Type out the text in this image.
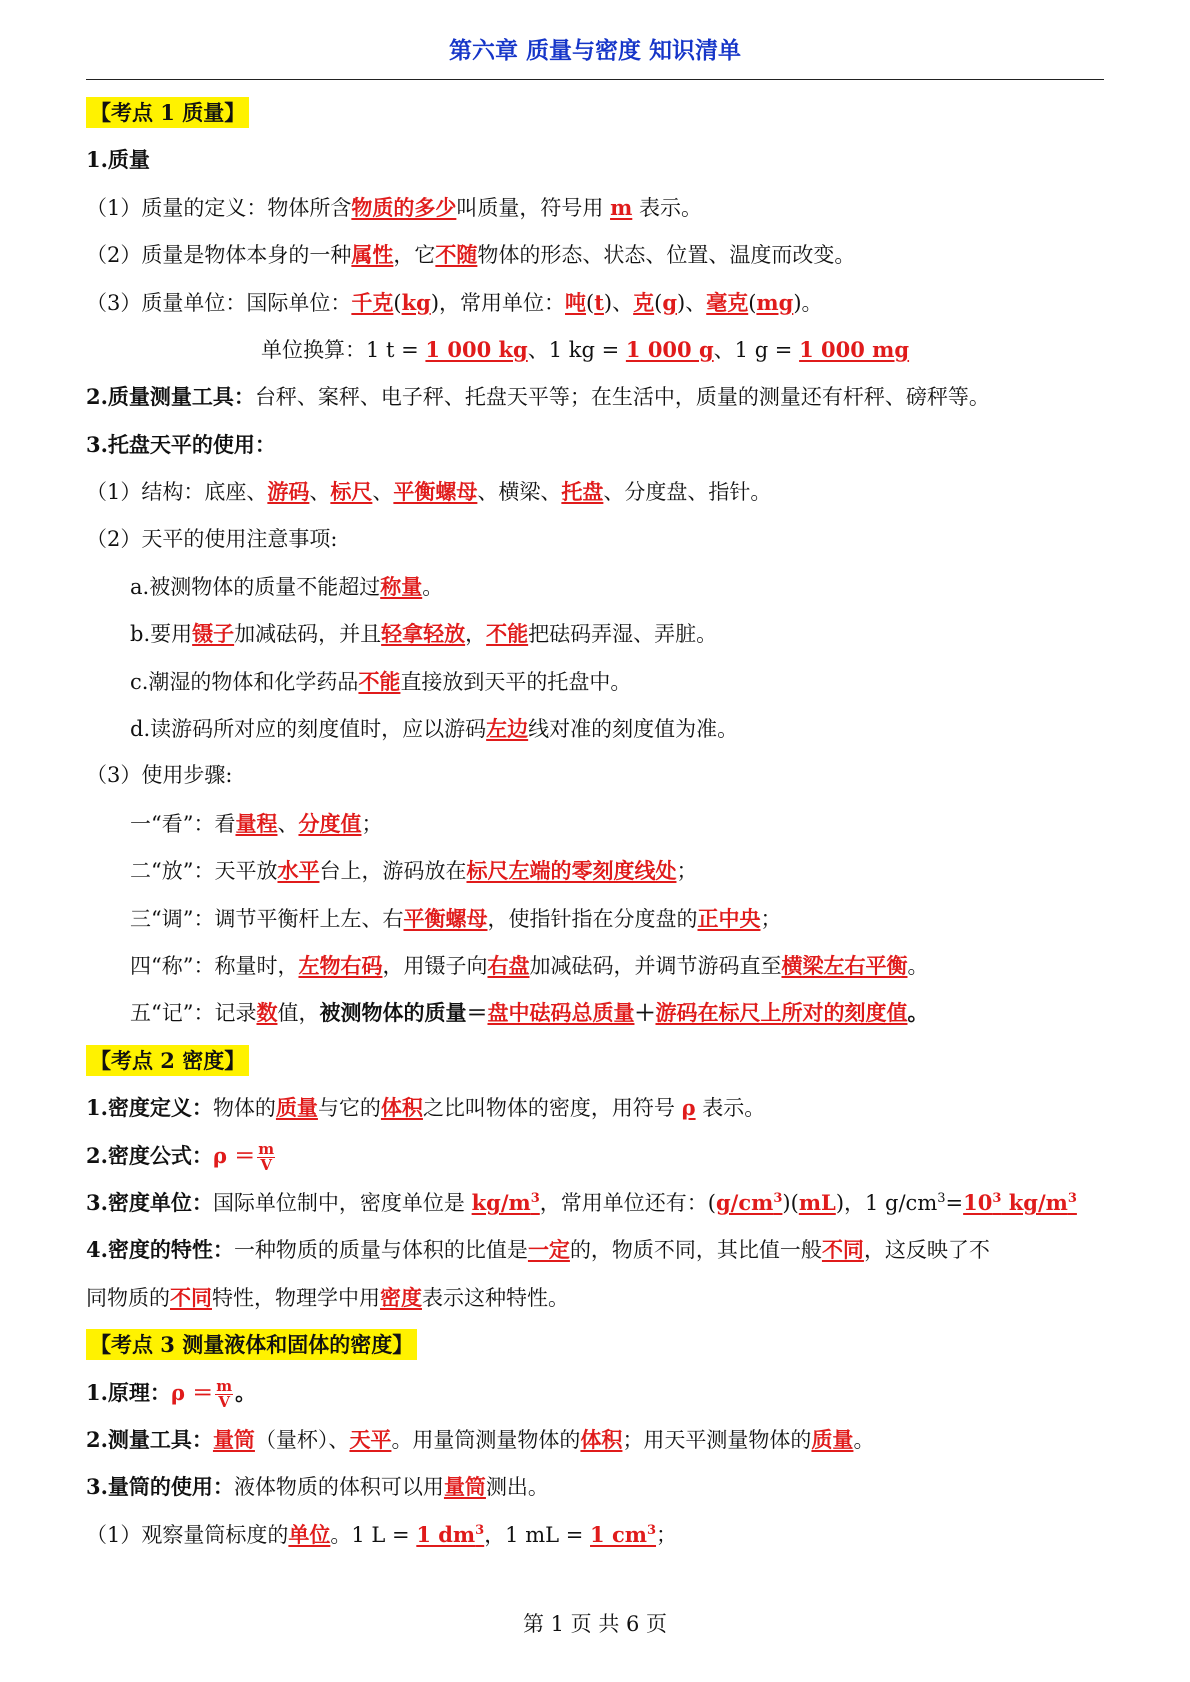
第六章 质量与密度 知识清单
【考点 1 质量】
1.质量
（1）质量的定义：物体所含物质的多少叫质量，符号用 m 表示。
（2）质量是物体本身的一种属性，它不随物体的形态、状态、位置、温度而改变。
（3）质量单位：国际单位：千克(kg)，常用单位：吨(t)、克(g)、毫克(mg)。
单位换算：1 t = 1 000 kg、1 kg = 1 000 g、1 g = 1 000 mg
2.质量测量工具：台秤、案秤、电子秤、托盘天平等；在生活中，质量的测量还有杆秤、磅秤等。
3.托盘天平的使用：
（1）结构：底座、游码、标尺、平衡螺母、横梁、托盘、分度盘、指针。
（2）天平的使用注意事项:
a.被测物体的质量不能超过称量。
b.要用镊子加减砝码，并且轻拿轻放，不能把砝码弄湿、弄脏。
c.潮湿的物体和化学药品不能直接放到天平的托盘中。
d.读游码所对应的刻度值时，应以游码左边线对准的刻度值为准。
（3）使用步骤:
一“看”：看量程、分度值；
二“放”：天平放水平台上，游码放在标尺左端的零刻度线处；
三“调”：调节平衡杆上左、右平衡螺母，使指针指在分度盘的正中央；
四“称”：称量时，左物右码，用镊子向右盘加减砝码，并调节游码直至横梁左右平衡。
五“记”：记录数值，被测物体的质量＝盘中砝码总质量＋游码在标尺上所对的刻度值。
【考点 2 密度】
1.密度定义：物体的质量与它的体积之比叫物体的密度，用符号 ρ 表示。
2.密度公式：$\rho = \frac{m}{V}$
3.密度单位：国际单位制中，密度单位是 $kg/m^3$，常用单位还有：$(g/cm^3)(mL)$，1 $g/cm^3=10^3$ $kg/m^3$
4.密度的特性：一种物质的质量与体积的比值是一定的，物质不同，其比值一般不同，这反映了不
同物质的不同特性，物理学中用密度表示这种特性。
【考点 3 测量液体和固体的密度】
1.原理：$\rho = \frac{m}{V}$ 。
2.测量工具：量筒（量杯）、天平。用量筒测量物体的体积；用天平测量物体的质量。
3.量筒的使用：液体物质的体积可以用量筒测出。
（1）观察量筒标度的单位。1 L = 1 $dm^3$，1 mL = 1 $cm^3$；
第 1 页 共 6 页
